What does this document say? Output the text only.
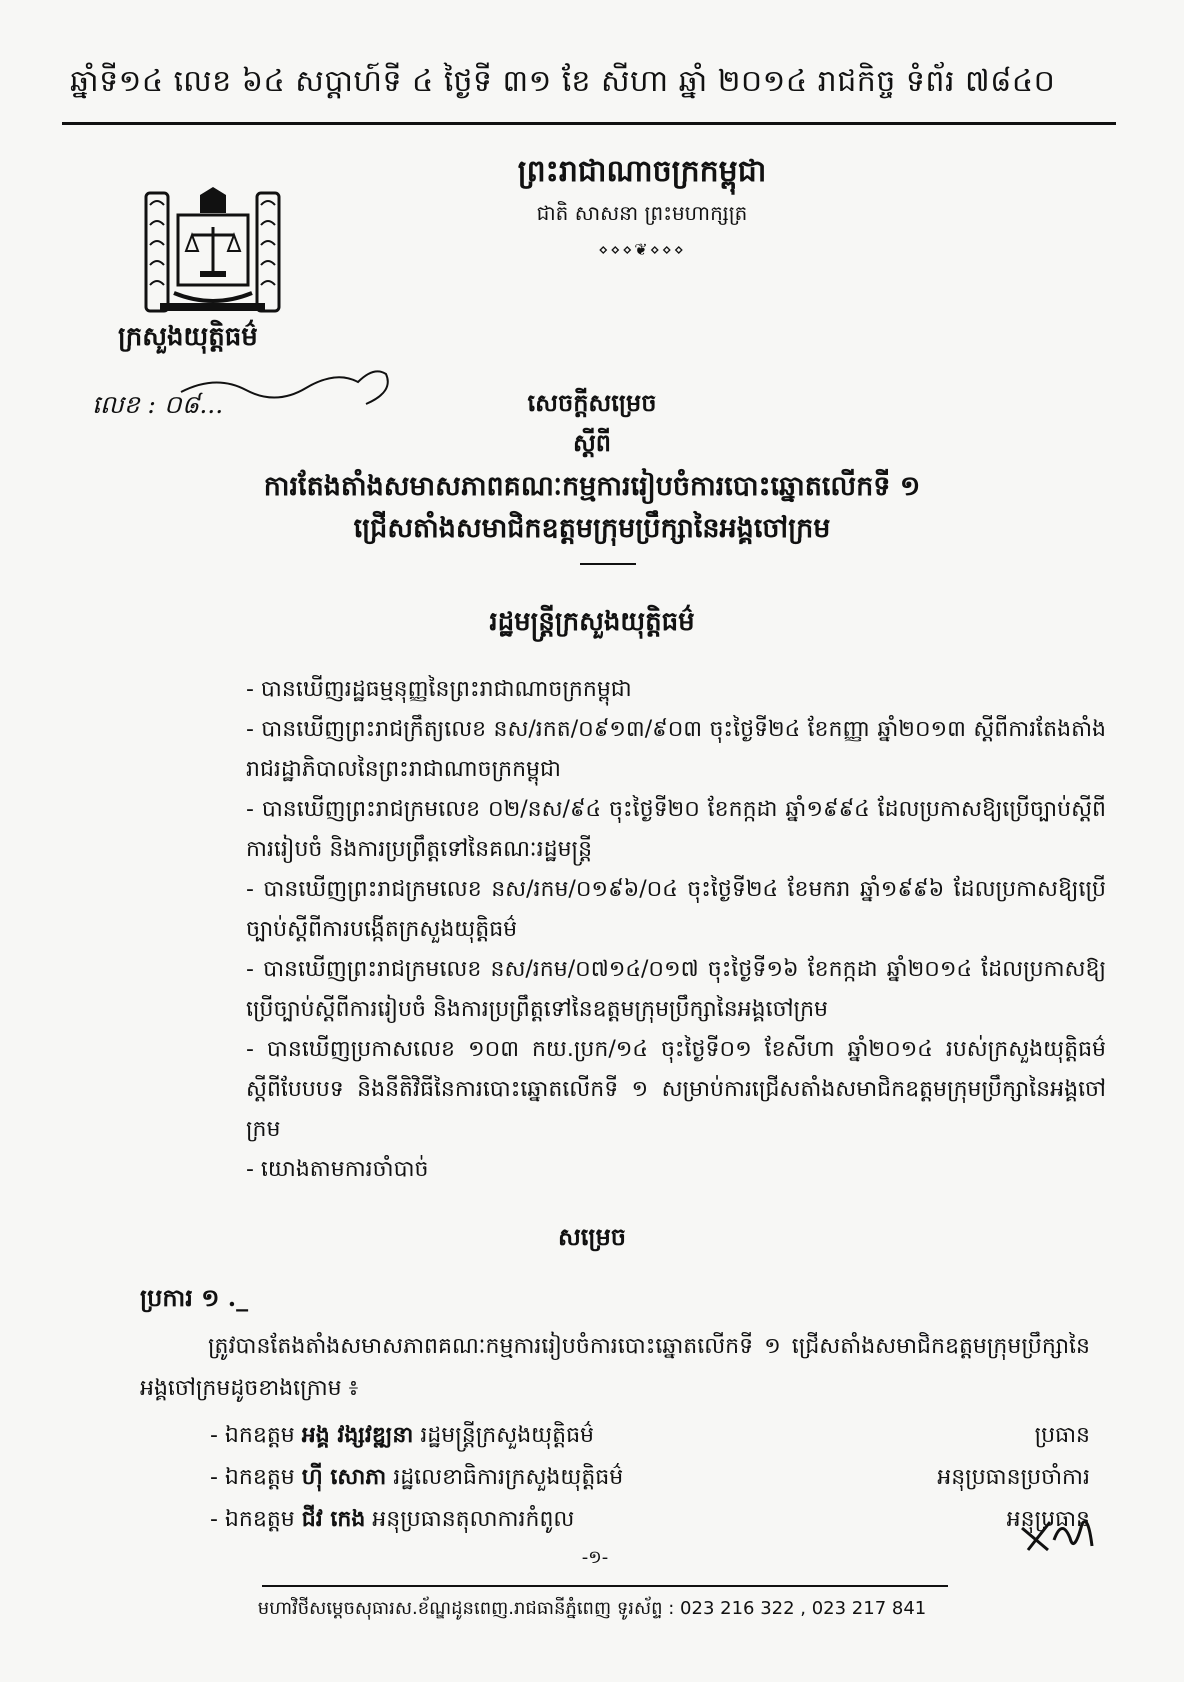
ឆ្នាំទី១៤ លេខ ៦៤ សប្តាហ៍ទី ៤ ថ្ងៃទី ៣១ ខែ សីហា ឆ្នាំ ២០១៤ រាជកិច្ច ទំព័រ ៧៨៤០
ក្រសួងយុត្តិធម៌
ព្រះរាជាណាចក្រកម្ពុជា
ជាតិ សាសនា ព្រះមហាក្សត្រ
⋄⋄⋄❦⋄⋄⋄
លេខ : ០៨...	សេចក្តីសម្រេច
ស្តីពី
ការតែងតាំងសមាសភាពគណៈកម្មការរៀបចំការបោះឆ្នោតលើកទី ១
ជ្រើសតាំងសមាជិកឧត្តមក្រុមប្រឹក្សានៃអង្គចៅក្រម
រដ្ឋមន្ត្រីក្រសួងយុត្តិធម៌
- បានឃើញរដ្ឋធម្មនុញ្ញនៃព្រះរាជាណាចក្រកម្ពុជា
- បានឃើញព្រះរាជក្រឹត្យលេខ នស/រកត/០៩១៣/៩០៣ ចុះថ្ងៃទី២៤ ខែកញ្ញា ឆ្នាំ២០១៣ ស្តីពីការតែងតាំងរាជរដ្ឋាភិបាលនៃព្រះរាជាណាចក្រកម្ពុជា
- បានឃើញព្រះរាជក្រមលេខ ០២/នស/៩៤ ចុះថ្ងៃទី២០ ខែកក្កដា ឆ្នាំ១៩៩៤ ដែលប្រកាសឱ្យប្រើច្បាប់ស្តីពីការរៀបចំ និងការប្រព្រឹត្តទៅនៃគណៈរដ្ឋមន្ត្រី
- បានឃើញព្រះរាជក្រមលេខ នស/រកម/០១៩៦/០៤ ចុះថ្ងៃទី២៤ ខែមករា ឆ្នាំ១៩៩៦ ដែលប្រកាសឱ្យប្រើច្បាប់ស្តីពីការបង្កើតក្រសួងយុត្តិធម៌
- បានឃើញព្រះរាជក្រមលេខ នស/រកម/០៧១៤/០១៧ ចុះថ្ងៃទី១៦ ខែកក្កដា ឆ្នាំ២០១៤ ដែលប្រកាសឱ្យប្រើច្បាប់ស្តីពីការរៀបចំ និងការប្រព្រឹត្តទៅនៃឧត្តមក្រុមប្រឹក្សានៃអង្គចៅក្រម
- បានឃើញប្រកាសលេខ ១០៣ កយ.ប្រក/១៤ ចុះថ្ងៃទី០១ ខែសីហា ឆ្នាំ២០១៤ របស់ក្រសួងយុត្តិធម៌ ស្តីពីបែបបទ និងនីតិវិធីនៃការបោះឆ្នោតលើកទី ១ សម្រាប់ការជ្រើសតាំងសមាជិកឧត្តមក្រុមប្រឹក្សានៃអង្គចៅក្រម
- យោងតាមការចាំបាច់
សម្រេច
ប្រការ ១ ._
ត្រូវបានតែងតាំងសមាសភាពគណៈកម្មការរៀបចំការបោះឆ្នោតលើកទី ១ ជ្រើសតាំងសមាជិកឧត្តមក្រុមប្រឹក្សានៃអង្គចៅក្រមដូចខាងក្រោម ៖
- ឯកឧត្តម អង្គ វង្សវឌ្ឍនា រដ្ឋមន្ត្រីក្រសួងយុត្តិធម៌	ប្រធាន
- ឯកឧត្តម ហ៊ី សោភា រដ្ឋលេខាធិការក្រសួងយុត្តិធម៌	អនុប្រធានប្រចាំការ
- ឯកឧត្តម ជីវ កេង អនុប្រធានតុលាការកំពូល	អនុប្រធាន
-១-
មហាវិថីសម្តេចសុធារស.ខ័ណ្ឌដូនពេញ.រាជធានីភ្នំពេញ ទូរស័ព្ទ : 023 216 322 , 023 217 841
